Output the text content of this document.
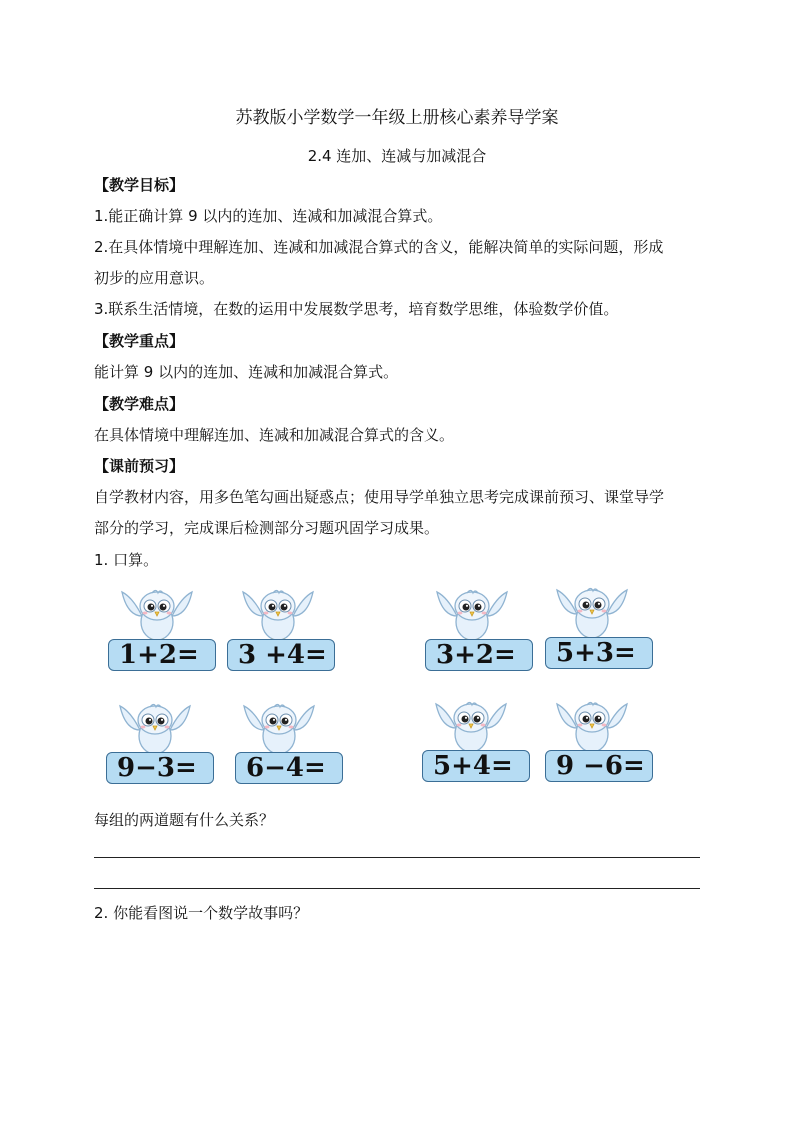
苏教版小学数学一年级上册核心素养导学案
2.4 连加、连减与加减混合
【教学目标】
1.能正确计算 9 以内的连加、连减和加减混合算式。
2.在具体情境中理解连加、连减和加减混合算式的含义，能解决简单的实际问题，形成
初步的应用意识。
3.联系生活情境，在数的运用中发展数学思考，培育数学思维，体验数学价值。
【教学重点】
能计算 9 以内的连加、连减和加减混合算式。
【教学难点】
在具体情境中理解连加、连减和加减混合算式的含义。
【课前预习】
自学教材内容，用多色笔勾画出疑惑点；使用导学单独立思考完成课前预习、课堂导学
部分的学习，完成课后检测部分习题巩固学习成果。
1. 口算。
1+2= 3 +4=	3+2= 5+3=
9−3= 6−4=	5+4= 9 −6=
每组的两道题有什么关系？
2. 你能看图说一个数学故事吗？
